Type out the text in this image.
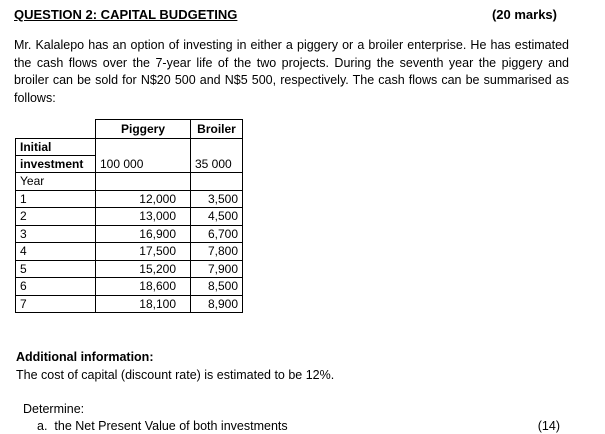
QUESTION 2: CAPITAL BUDGETING	(20 marks)
Mr. Kalalepo has an option of investing in either a piggery or a broiler enterprise. He has estimated the cash flows over the 7-year life of the two projects. During the seventh year the piggery and broiler can be sold for N$20 500 and N$5 500, respectively. The cash flows can be summarised as follows:
	Piggery	Broiler
Initial		
investment	100 000	35 000
Year		
1	12,000	3,500
2	13,000	4,500
3	16,900	6,700
4	17,500	7,800
5	15,200	7,900
6	18,600	8,500
7	18,100	8,900
Additional information:
The cost of capital (discount rate) is estimated to be 12%.
Determine:
a. the Net Present Value of both investments	(14)
